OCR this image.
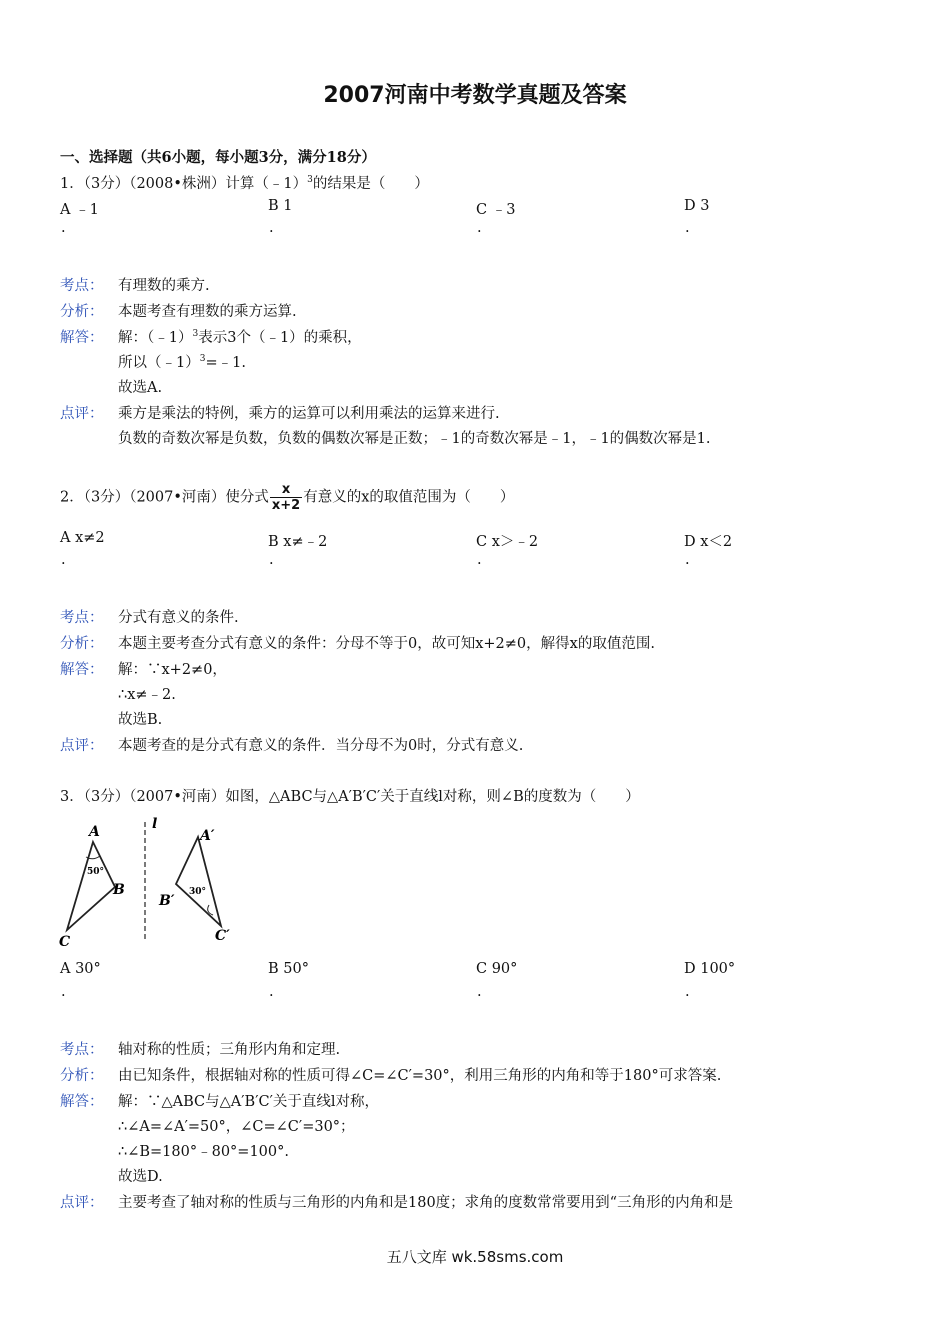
2007河南中考数学真题及答案
一、选择题（共6小题，每小题3分，满分18分）
1．（3分）（2008•株洲）计算（﹣1）$^3$的结果是（　　）
A ﹣1	B 1	C ﹣3	D 3
.	.	.	.
考点： 有理数的乘方.
分析： 本题考查有理数的乘方运算.
解答： 解：（﹣1）$^3$表示3个（﹣1）的乘积，
所以（﹣1）$^3$=﹣1.
故选A.
点评： 乘方是乘法的特例，乘方的运算可以利用乘法的运算来进行.
负数的奇数次幂是负数，负数的偶数次幂是正数；﹣1的奇数次幂是﹣1，﹣1的偶数次幂是1.
2．（3分）（2007•河南）使分式 $\frac{x}{x+2}$ 有意义的x的取值范围为（　　）
A x≠2	B x≠﹣2	C x＞﹣2	D x＜2
.	.	.	.
考点： 分式有意义的条件.
分析： 本题主要考查分式有意义的条件：分母不等于0，故可知x+2≠0，解得x的取值范围.
解答： 解：∵x+2≠0，
∴x≠﹣2.
故选B.
点评： 本题考查的是分式有意义的条件．当分母不为0时，分式有意义.
3．（3分）（2007•河南）如图，△ABC与△A′B′C′关于直线l对称，则∠B的度数为（　　）
50°
A
B
C
l
30°
A′
B′
C′
A 30°	B 50°	C 90°	D 100°
.	.	.	.
考点： 轴对称的性质；三角形内角和定理.
分析： 由已知条件，根据轴对称的性质可得∠C=∠C′=30°，利用三角形的内角和等于180°可求答案.
解答： 解：∵△ABC与△A′B′C′关于直线l对称，
∴∠A=∠A′=50°，∠C=∠C′=30°；
∴∠B=180°﹣80°=100°.
故选D.
点评： 主要考查了轴对称的性质与三角形的内角和是180度；求角的度数常常要用到“三角形的内角和是
五八文库 wk.58sms.com
